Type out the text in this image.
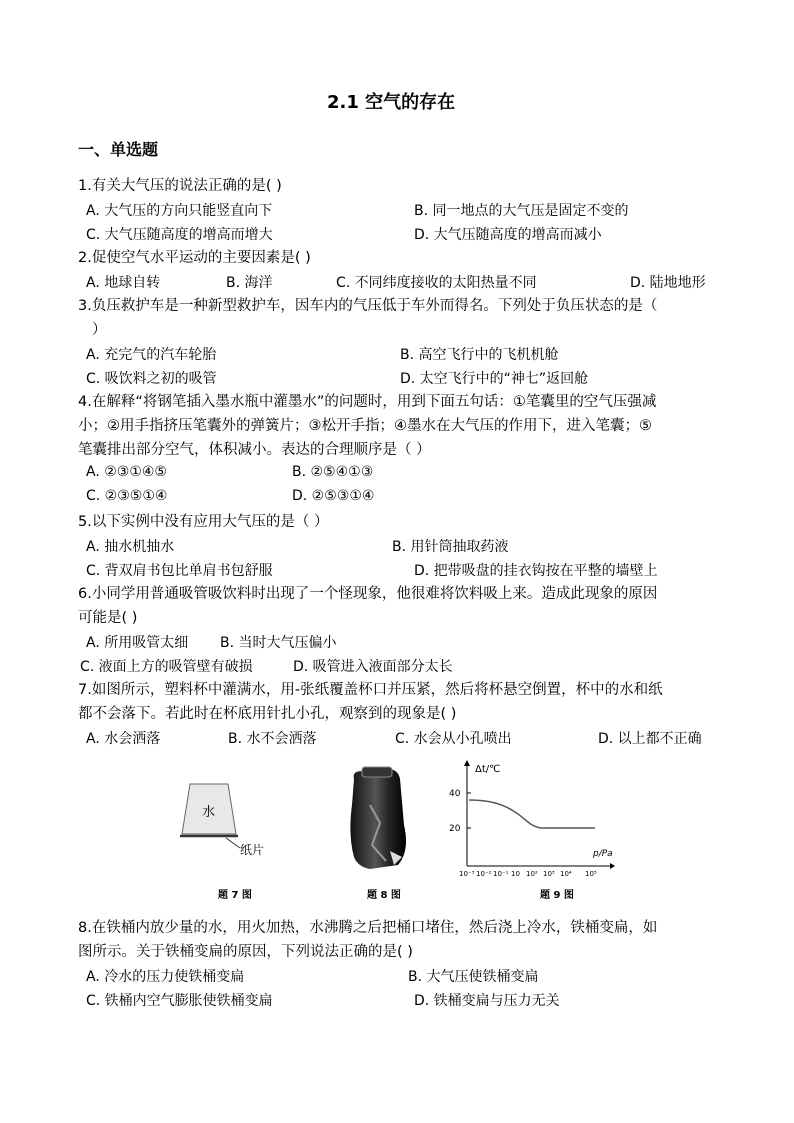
2.1 空气的存在
一、单选题
1.有关大气压的说法正确的是( )
A. 大气压的方向只能竖直向下	B. 同一地点的大气压是固定不变的
C. 大气压随高度的增高而增大	D. 大气压随高度的增高而减小
2.促使空气水平运动的主要因素是( )
A. 地球自转	B. 海洋	C. 不同纬度接收的太阳热量不同	D. 陆地地形
3.负压救护车是一种新型救护车，因车内的气压低于车外而得名。下列处于负压状态的是（
）
A. 充完气的汽车轮胎	B. 高空飞行中的飞机机舱
C. 吸饮料之初的吸管	D. 太空飞行中的“神七”返回舱
4.在解释“将钢笔插入墨水瓶中灌墨水”的问题时，用到下面五句话：①笔囊里的空气压强减
小；②用手指挤压笔囊外的弹簧片；③松开手指；④墨水在大气压的作用下，进入笔囊；⑤
笔囊排出部分空气，体积减小。表达的合理顺序是（ ）
A. ②③①④⑤	B. ②⑤④①③
C. ②③⑤①④	D. ②⑤③①④
5.以下实例中没有应用大气压的是（ ）
A. 抽水机抽水	B. 用针筒抽取药液
C. 背双肩书包比单肩书包舒服	D. 把带吸盘的挂衣钩按在平整的墙壁上
6.小同学用普通吸管吸饮料时出现了一个怪现象，他很难将饮料吸上来。造成此现象的原因
可能是( )
A. 所用吸管太细 B. 当时大气压偏小
C. 液面上方的吸管壁有破损	D. 吸管进入液面部分太长
7.如图所示，塑料杯中灌满水，用-张纸覆盖杯口并压紧，然后将杯悬空倒置，杯中的水和纸
都不会落下。若此时在杯底用针扎小孔，观察到的现象是( )
A. 水会洒落	B. 水不会洒落	C. 水会从小孔喷出	D. 以上都不正确
水
纸片
题 7 图	题 8 图
Δt/℃
p/Pa
40
20
10⁻³ 10⁻² 10⁻¹ 10 10² 10³ 10⁴ 10⁵
题 9 图
8.在铁桶内放少量的水，用火加热，水沸腾之后把桶口堵住，然后浇上冷水，铁桶变扁，如
图所示。关于铁桶变扁的原因，下列说法正确的是( )
A. 冷水的压力使铁桶变扁	B. 大气压使铁桶变扁
C. 铁桶内空气膨胀使铁桶变扁	D. 铁桶变扁与压力无关
